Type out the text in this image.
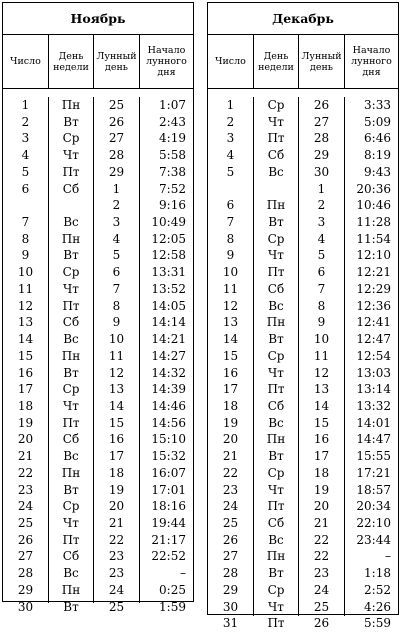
Ноябрь
Число	День недели
Лунный день
Начало лунного дня
1
2
3
4
5
6
7
8
9
10
11
12
13
14
15
16
17
18
19
20
21
22
23
24
25
26
27
28
29
30
Пн
Вт
Ср
Чт
Пт
Сб
Вс
Пн
Вт
Ср
Чт
Пт
Сб
Вс
Пн
Вт
Ср
Чт
Пт
Сб
Вс
Пн
Вт
Ср
Чт
Пт
Сб
Вс
Пн
Вт
25
26
27
28
29
1
2
3
4
5
6
7
8
9
10
11
12
13
14
15
16
17
18
19
20
21
22
23
23
24
25
1:07
2:43
4:19
5:58
7:38
7:52
9:16
10:49
12:05
12:58
13:31
13:52
14:05
14:14
14:21
14:27
14:32
14:39
14:46
14:56
15:10
15:32
16:07
17:01
18:16
19:44
21:17
22:52
–
0:25
1:59
Декабрь
Число	День недели
Лунный день
Начало лунного дня
1
2
3
4
5
6
7
8
9
10
11
12
13
14
15
16
17
18
19
20
21
22
23
24
25
26
27
28
29
30
31
Ср
Чт
Пт
Сб
Вс
Пн
Вт
Ср
Чт
Пт
Сб
Вс
Пн
Вт
Ср
Чт
Пт
Сб
Вс
Пн
Вт
Ср
Чт
Пт
Сб
Вс
Пн
Вт
Ср
Чт
Пт
26
27
28
29
30
1
2
3
4
5
6
7
8
9
10
11
12
13
14
15
16
17
18
19
20
21
22
22
23
24
25
26
3:33
5:09
6:46
8:19
9:43
20:36
10:46
11:28
11:54
12:10
12:21
12:29
12:36
12:41
12:47
12:54
13:03
13:14
13:32
14:01
14:47
15:55
17:21
18:57
20:34
22:10
23:44
–
1:18
2:52
4:26
5:59
